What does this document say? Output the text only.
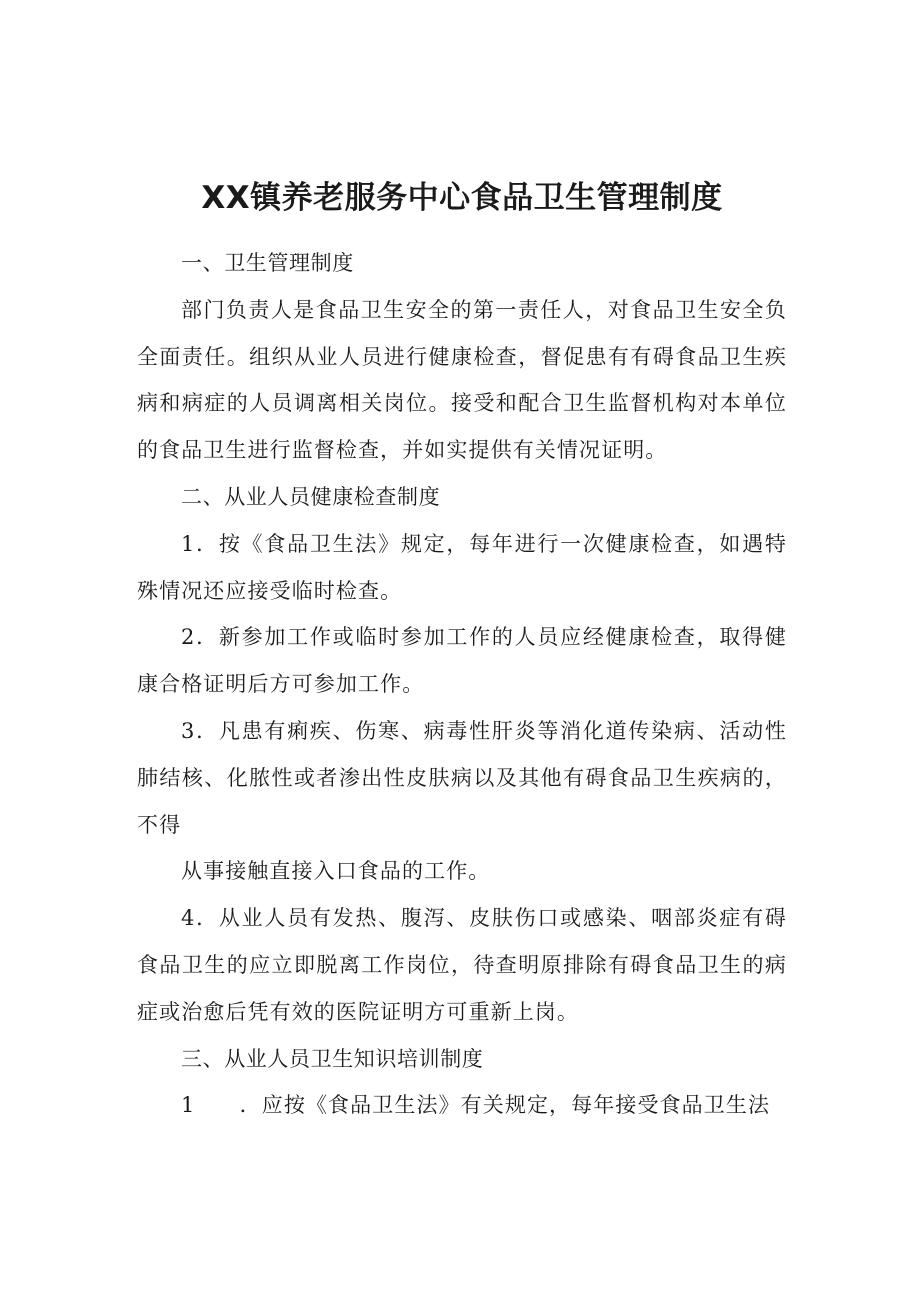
XX镇养老服务中心食品卫生管理制度

一、卫生管理制度

部门负责人是食品卫生安全的第一责任人，对食品卫生安全负全面责任。组织从业人员进行健康检查，督促患有有碍食品卫生疾病和病症的人员调离相关岗位。接受和配合卫生监督机构对本单位的食品卫生进行监督检查，并如实提供有关情况证明。

二、从业人员健康检查制度

1．按《食品卫生法》规定，每年进行一次健康检查，如遇特殊情况还应接受临时检查。

2．新参加工作或临时参加工作的人员应经健康检查，取得健康合格证明后方可参加工作。

3．凡患有痢疾、伤寒、病毒性肝炎等消化道传染病、活动性肺结核、化脓性或者渗出性皮肤病以及其他有碍食品卫生疾病的，不得

从事接触直接入口食品的工作。

4．从业人员有发热、腹泻、皮肤伤口或感染、咽部炎症有碍食品卫生的应立即脱离工作岗位，待查明原排除有碍食品卫生的病症或治愈后凭有效的医院证明方可重新上岗。

三、从业人员卫生知识培训制度

1　　．应按《食品卫生法》有关规定，每年接受食品卫生法
